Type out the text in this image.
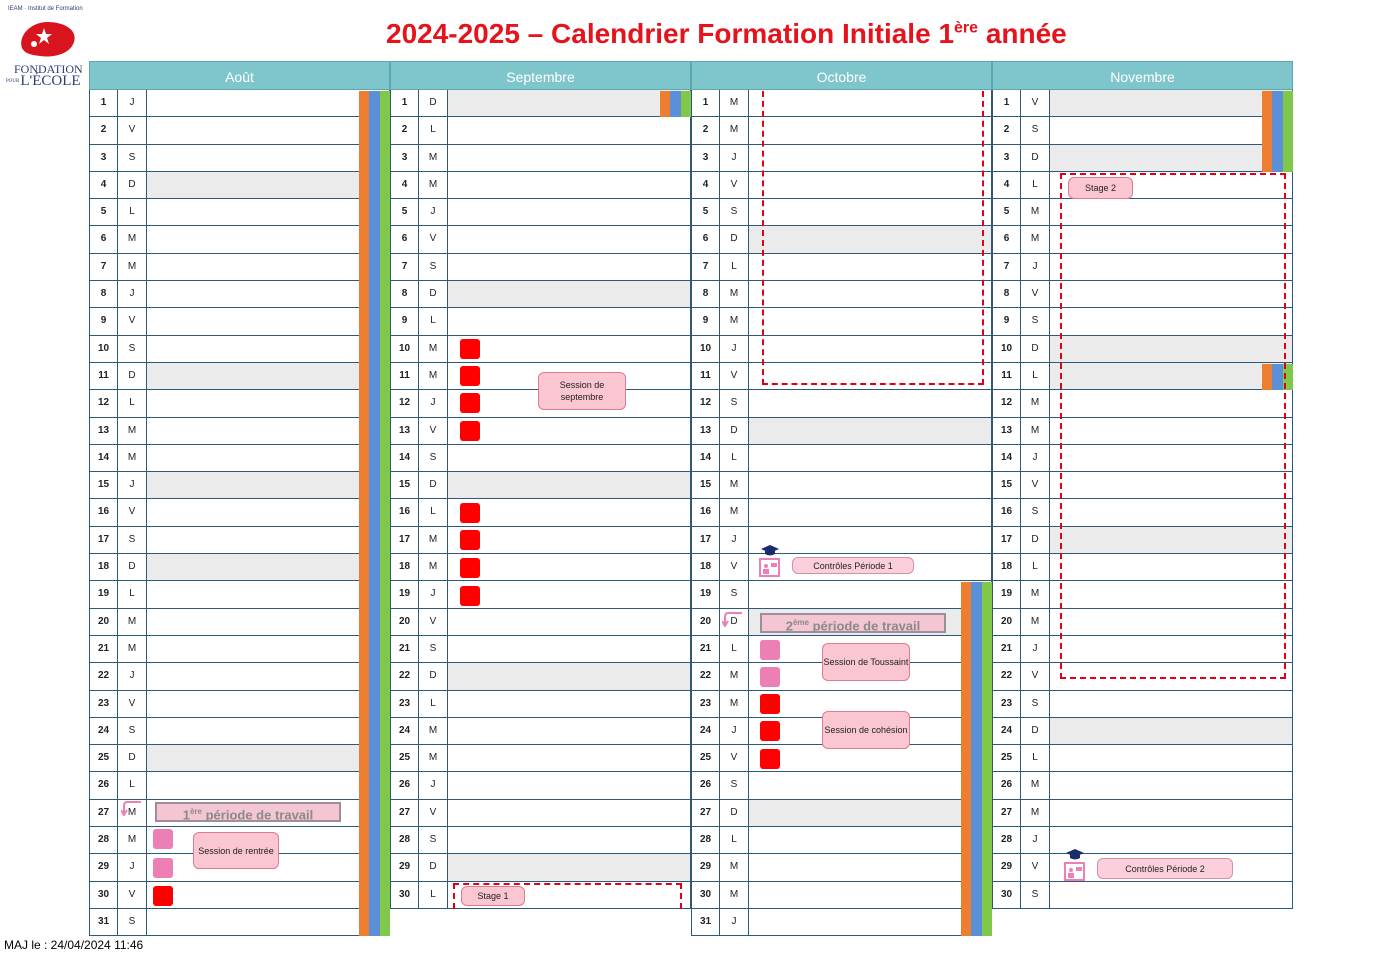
IEAM · Institut de Formation
FONDATION
POURL'ÉCOLE
2024-2025 – Calendrier Formation Initiale 1ère année
Août
1	J
2	V
3	S
4	D
5	L
6	M
7	M
8	J
9	V
10	S
11	D
12	L
13	M
14	M
15	J
16	V
17	S
18	D
19	L
20	M
21	M
22	J
23	V
24	S
25	D
26	L
27	M
28	M
29	J
30	V
31	S
Septembre
1	D
2	L
3	M
4	M
5	J
6	V
7	S
8	D
9	L
10	M
11	M
12	J
13	V
14	S
15	D
16	L
17	M
18	M
19	J
20	V
21	S
22	D
23	L
24	M
25	M
26	J
27	V
28	S
29	D
30	L
Octobre
1	M
2	M
3	J
4	V
5	S
6	D
7	L
8	M
9	M
10	J
11	V
12	S
13	D
14	L
15	M
16	M
17	J
18	V
19	S
20	D
21	L
22	M
23	M
24	J
25	V
26	S
27	D
28	L
29	M
30	M
31	J
Novembre
1	V
2	S
3	D
4	L
5	M
6	M
7	J
8	V
9	S
10	D
11	L
12	M
13	M
14	J
15	V
16	S
17	D
18	L
19	M
20	M
21	J
22	V
23	S
24	D
25	L
26	M
27	M
28	J
29	V
30	S
1ère période de travail
Session de rentrée
Session de septembre
Stage 1
Contrôles Période 1
2ème période de travail
Session de Toussaint
Session de cohésion
Stage 2
Contrôles Période 2
MAJ le : 24/04/2024 11:46
